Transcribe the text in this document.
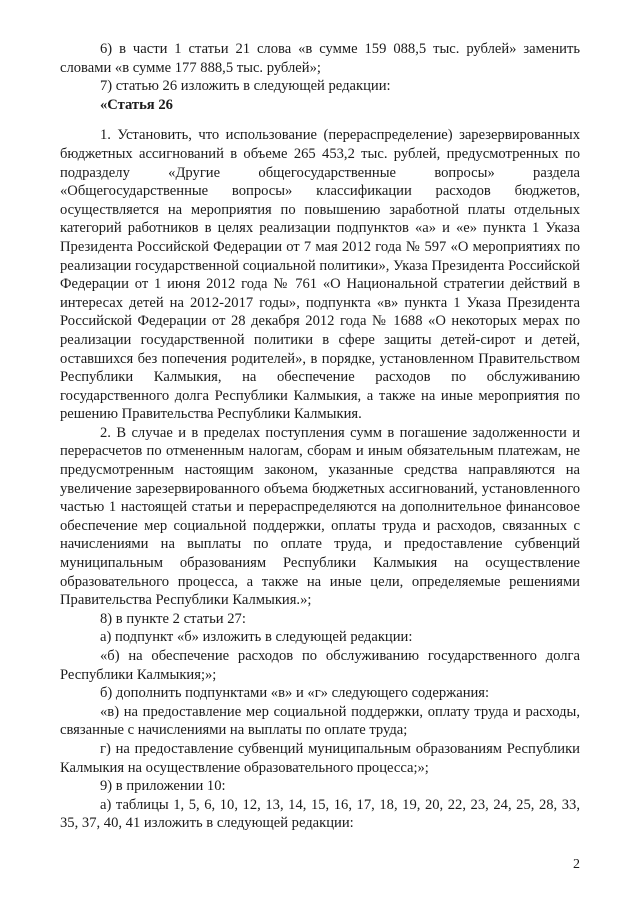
6) в части 1 статьи 21 слова «в сумме 159 088,5 тыс. рублей» заменить словами «в сумме 177 888,5 тыс. рублей»;

7) статью 26 изложить в следующей редакции:

«Статья 26

1. Установить, что использование (перераспределение) зарезервированных бюджетных ассигнований в объеме 265 453,2 тыс. рублей, предусмотренных по подразделу «Другие общегосударственные вопросы» раздела «Общегосударственные вопросы» классификации расходов бюджетов, осуществляется на мероприятия по повышению заработной платы отдельных категорий работников в целях реализации подпунктов «а» и «е» пункта 1 Указа Президента Российской Федерации от 7 мая 2012 года № 597 «О мероприятиях по реализации государственной социальной политики», Указа Президента Российской Федерации от 1 июня 2012 года № 761 «О Национальной стратегии действий в интересах детей на 2012-2017 годы», подпункта «в» пункта 1 Указа Президента Российской Федерации от 28 декабря 2012 года № 1688 «О некоторых мерах по реализации государственной политики в сфере защиты детей-сирот и детей, оставшихся без попечения родителей», в порядке, установленном Правительством Республики Калмыкия, на обеспечение расходов по обслуживанию государственного долга Республики Калмыкия, а также на иные мероприятия по решению Правительства Республики Калмыкия.

2. В случае и в пределах поступления сумм в погашение задолженности и перерасчетов по отмененным налогам, сборам и иным обязательным платежам, не предусмотренным настоящим законом, указанные средства направляются на увеличение зарезервированного объема бюджетных ассигнований, установленного частью 1 настоящей статьи и перераспределяются на дополнительное финансовое обеспечение мер социальной поддержки, оплаты труда и расходов, связанных с начислениями на выплаты по оплате труда, и предоставление субвенций муниципальным образованиям Республики Калмыкия на осуществление образовательного процесса, а также на иные цели, определяемые решениями Правительства Республики Калмыкия.»;

8) в пункте 2 статьи 27:

а) подпункт «б» изложить в следующей редакции:

«б) на обеспечение расходов по обслуживанию государственного долга Республики Калмыкия;»;

б) дополнить подпунктами «в» и «г» следующего содержания:

«в) на предоставление мер социальной поддержки, оплату труда и расходы, связанные с начислениями на выплаты по оплате труда;

г) на предоставление субвенций муниципальным образованиям Республики Калмыкия на осуществление образовательного процесса;»;

9) в приложении 10:

а) таблицы 1, 5, 6, 10, 12, 13, 14, 15, 16, 17, 18, 19, 20, 22, 23, 24, 25, 28, 33, 35, 37, 40, 41 изложить в следующей редакции:

2
